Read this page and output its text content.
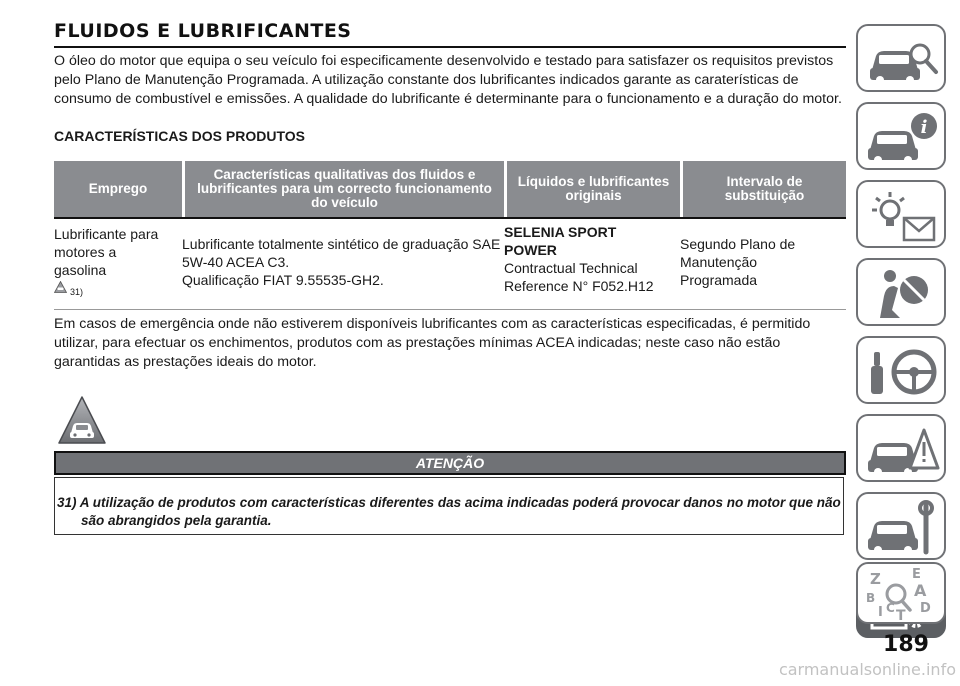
FLUIDOS E LUBRIFICANTES

O óleo do motor que equipa o seu veículo foi especificamente desenvolvido e testado para satisfazer os requisitos previstos pelo Plano de Manutenção Programada. A utilização constante dos lubrificantes indicados garante as caraterísticas de consumo de combustível e emissões. A qualidade do lubrificante é determinante para o funcionamento e a duração do motor.

CARACTERÍSTICAS DOS PRODUTOS

Emprego	Características qualitativas dos fluidos e lubrificantes para um correcto funcionamento do veículo	Líquidos e lubrificantes originais	Intervalo de substituição

Lubrificante para
motores a
gasolina
31)	Lubrificante totalmente sintético de graduação SAE
5W-40 ACEA C3.
Qualificação FIAT 9.55535-GH2.	SELENIA SPORT
POWER
Contractual Technical
Reference N° F052.H12	Segundo Plano de
Manutenção
Programada

Em casos de emergência onde não estiverem disponíveis lubrificantes com as características especificadas, é permitido utilizar, para efectuar os enchimentos, produtos com as prestações mínimas ACEA indicadas; neste caso não estão garantidas as prestações ideais do motor.

ATENÇÃO

31) A utilização de produtos com características diferentes das acima indicadas poderá provocar danos no motor que não são abrangidos pela garantia.

i
Z E
A
B
I C T D
189
carmanualsonline.info
